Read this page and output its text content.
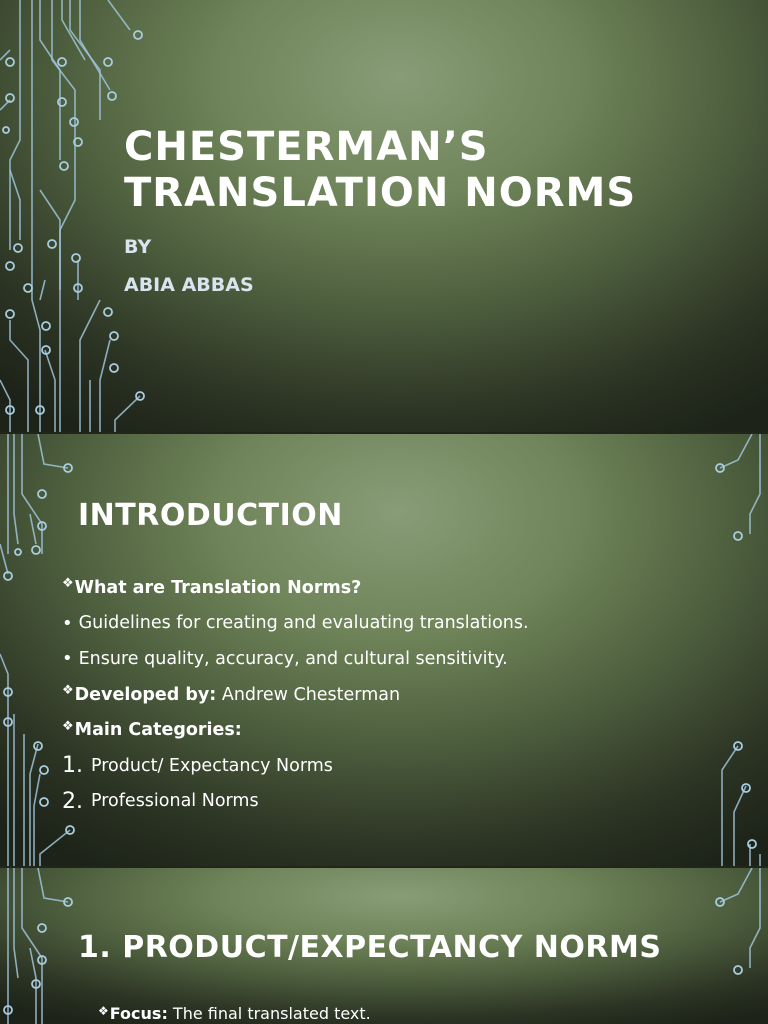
CHESTERMAN’S
TRANSLATION NORMS

BY

ABIA ABBAS

INTRODUCTION
❖ What are Translation Norms?
• Guidelines for creating and evaluating translations.
• Ensure quality, accuracy, and cultural sensitivity.
❖ Developed by: Andrew Chesterman
❖ Main Categories:
1. Product/ Expectancy Norms
2. Professional Norms
1. PRODUCT/EXPECTANCY NORMS

❖Focus: The final translated text.
